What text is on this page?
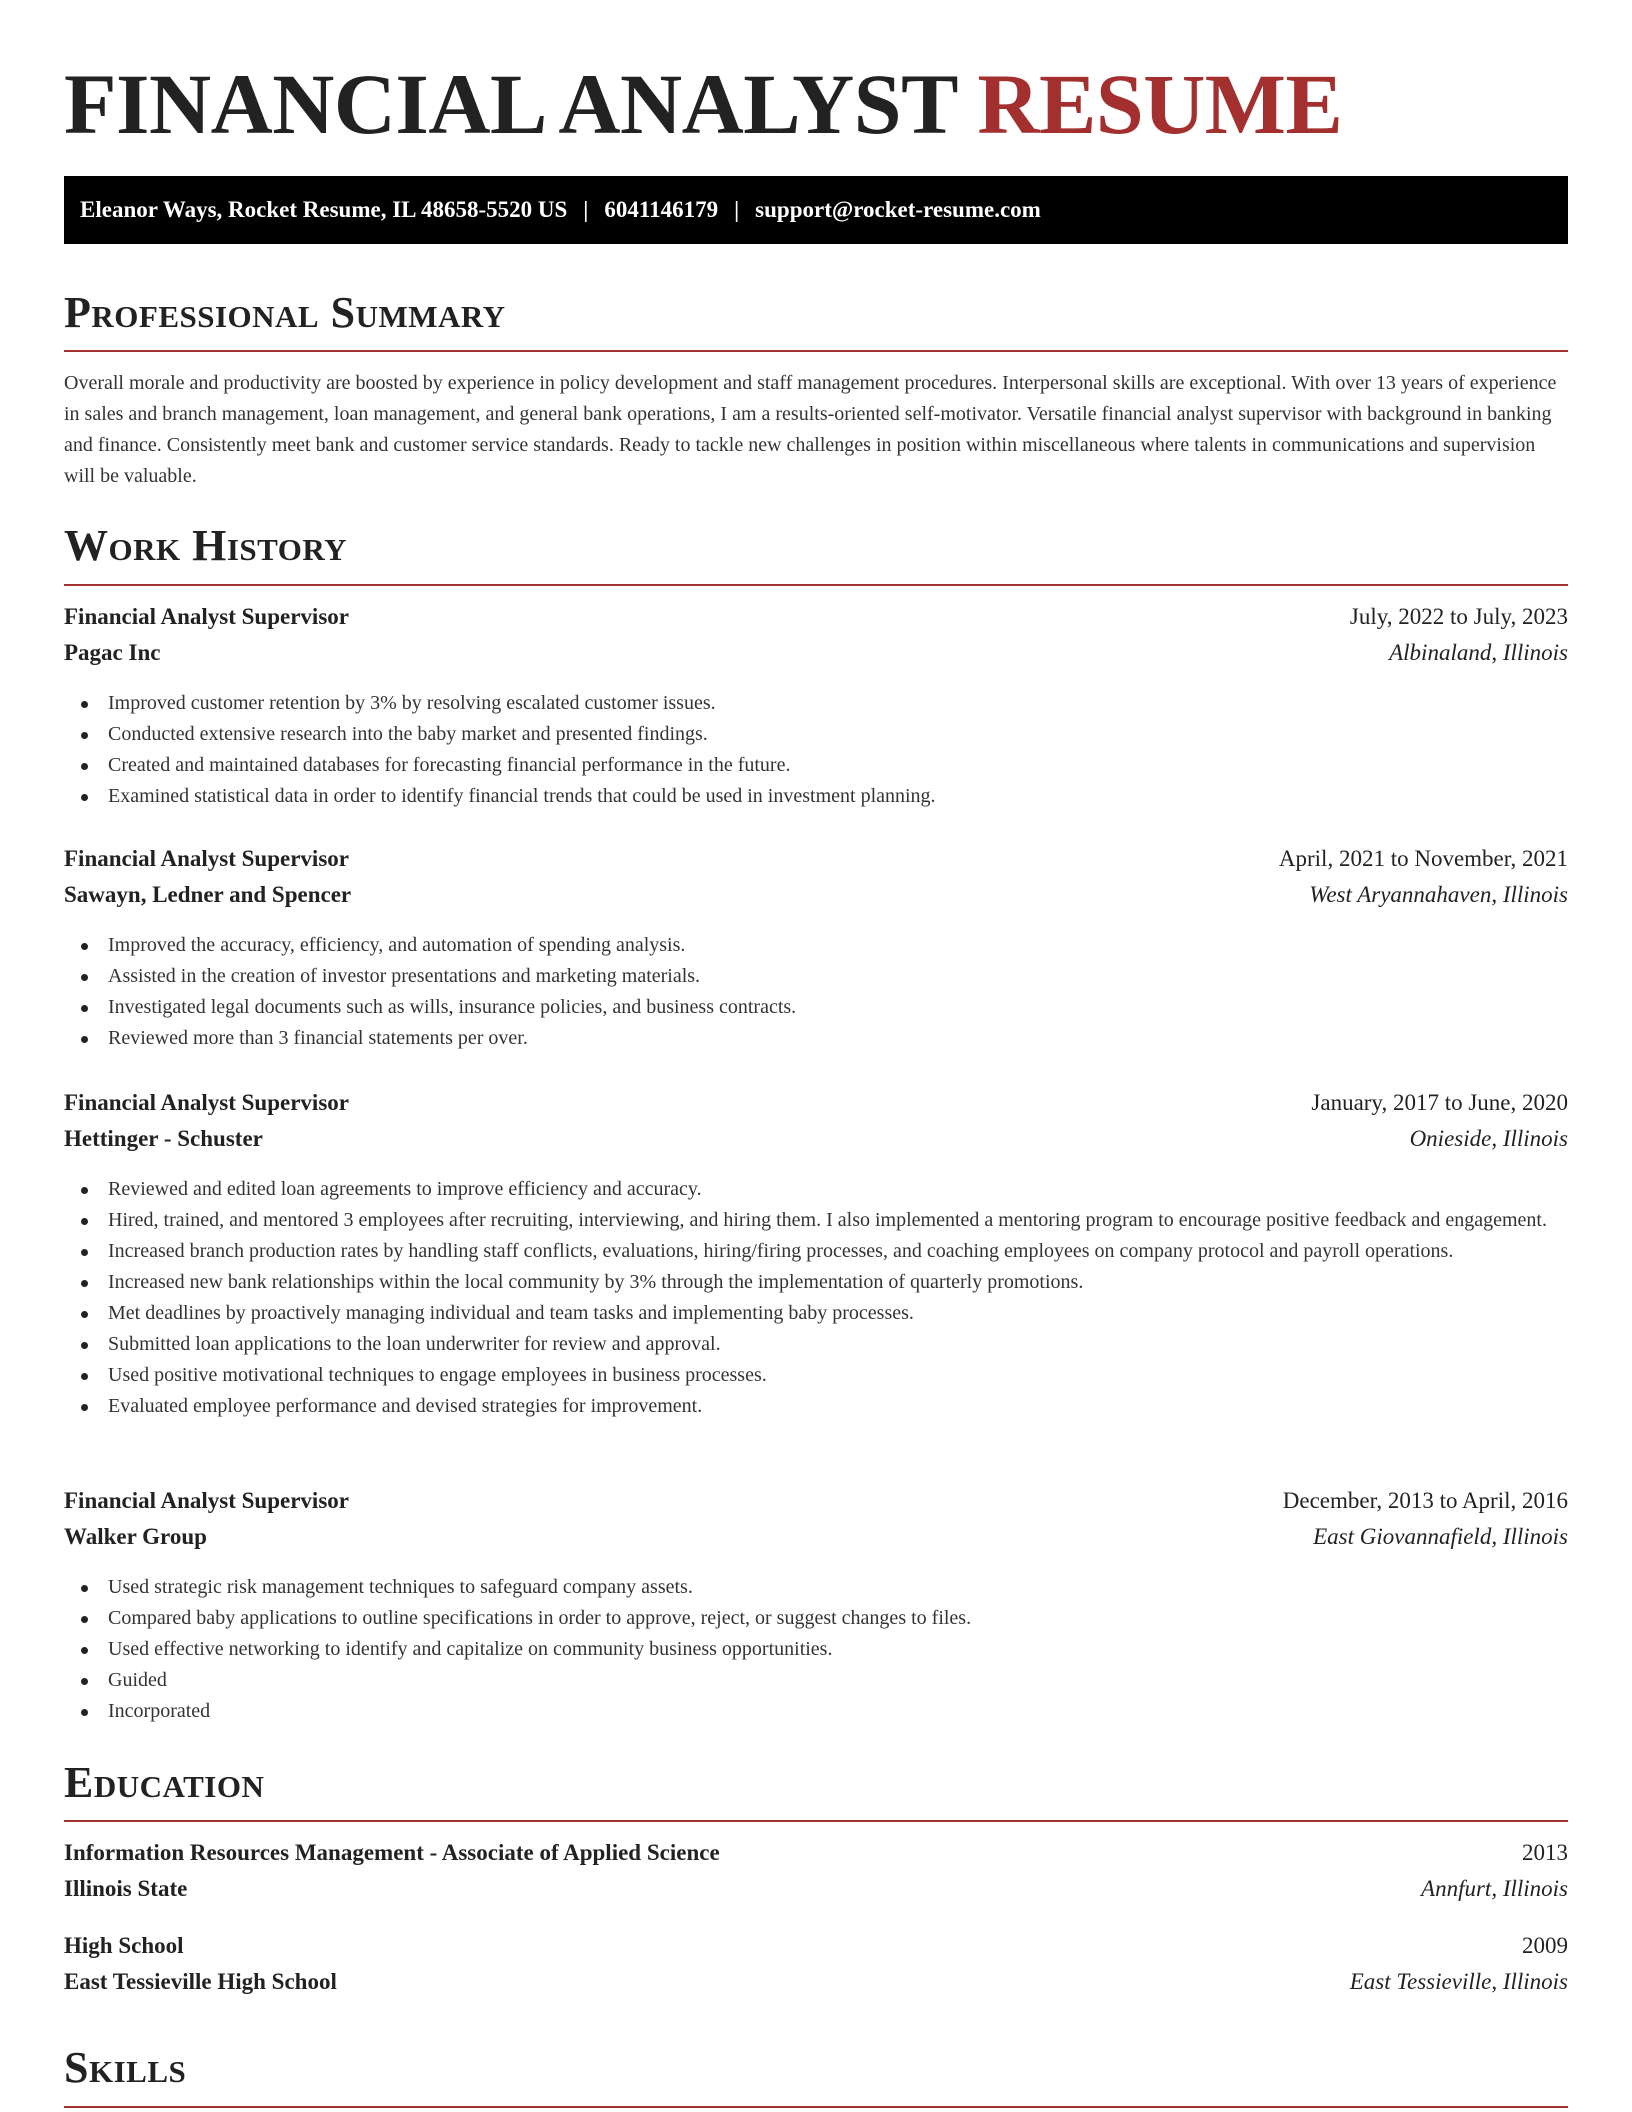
FINANCIAL ANALYST RESUME
Eleanor Ways, Rocket Resume, IL 48658-5520 US | 6041146179 | support@rocket-resume.com
Professional Summary

Overall morale and productivity are boosted by experience in policy development and staff management procedures. Interpersonal skills are exceptional. With over 13 years of experience in sales and branch management, loan management, and general bank operations, I am a results-oriented self-motivator. Versatile financial analyst supervisor with background in banking and finance. Consistently meet bank and customer service standards. Ready to tackle new challenges in position within miscellaneous where talents in communications and supervision will be valuable.

Work History
Financial Analyst Supervisor	July, 2022 to July, 2023
Pagac Inc	Albinaland, Illinois
Improved customer retention by 3% by resolving escalated customer issues.
Conducted extensive research into the baby market and presented findings.
Created and maintained databases for forecasting financial performance in the future.
Examined statistical data in order to identify financial trends that could be used in investment planning.
Financial Analyst Supervisor	April, 2021 to November, 2021
Sawayn, Ledner and Spencer	West Aryannahaven, Illinois
Improved the accuracy, efficiency, and automation of spending analysis.
Assisted in the creation of investor presentations and marketing materials.
Investigated legal documents such as wills, insurance policies, and business contracts.
Reviewed more than 3 financial statements per over.
Financial Analyst Supervisor	January, 2017 to June, 2020
Hettinger - Schuster	Onieside, Illinois
Reviewed and edited loan agreements to improve efficiency and accuracy.
Hired, trained, and mentored 3 employees after recruiting, interviewing, and hiring them. I also implemented a mentoring program to encourage positive feedback and engagement.
Increased branch production rates by handling staff conflicts, evaluations, hiring/firing processes, and coaching employees on company protocol and payroll operations.
Increased new bank relationships within the local community by 3% through the implementation of quarterly promotions.
Met deadlines by proactively managing individual and team tasks and implementing baby processes.
Submitted loan applications to the loan underwriter for review and approval.
Used positive motivational techniques to engage employees in business processes.
Evaluated employee performance and devised strategies for improvement.
Financial Analyst Supervisor	December, 2013 to April, 2016
Walker Group	East Giovannafield, Illinois
Used strategic risk management techniques to safeguard company assets.
Compared baby applications to outline specifications in order to approve, reject, or suggest changes to files.
Used effective networking to identify and capitalize on community business opportunities.
Guided
Incorporated
Education
Information Resources Management - Associate of Applied Science	2013
Illinois State	Annfurt, Illinois
High School	2009
East Tessieville High School	East Tessieville, Illinois
Skills
